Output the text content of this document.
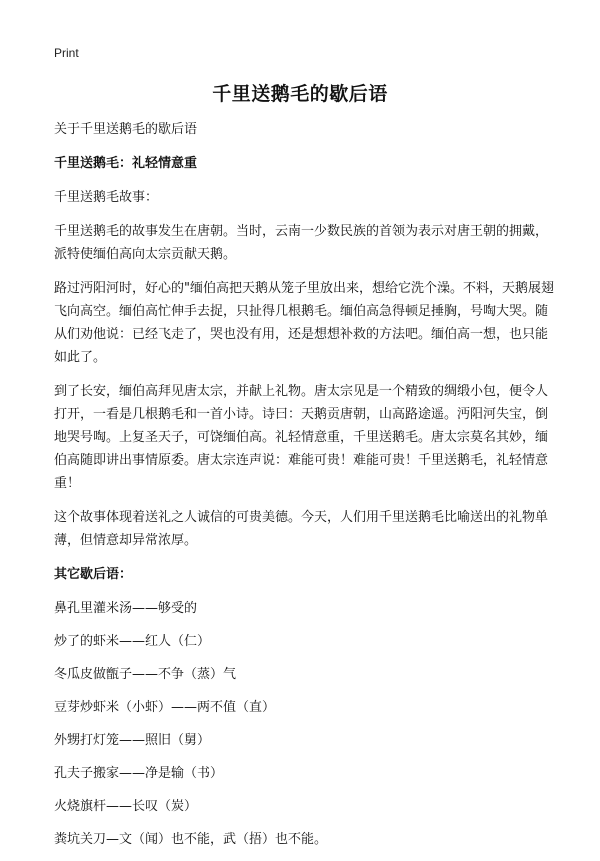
Print
千里送鹅毛的歇后语

关于千里送鹅毛的歇后语

千里送鹅毛：礼轻情意重

千里送鹅毛故事：

千里送鹅毛的故事发生在唐朝。当时，云南一少数民族的首领为表示对唐王朝的拥戴，派特使缅伯高向太宗贡献天鹅。

路过沔阳河时，好心的"缅伯高把天鹅从笼子里放出来，想给它洗个澡。不料，天鹅展翅飞向高空。缅伯高忙伸手去捉，只扯得几根鹅毛。缅伯高急得顿足捶胸，号啕大哭。随从们劝他说：已经飞走了，哭也没有用，还是想想补救的方法吧。缅伯高一想，也只能如此了。

到了长安，缅伯高拜见唐太宗，并献上礼物。唐太宗见是一个精致的绸缎小包，便令人打开，一看是几根鹅毛和一首小诗。诗曰：天鹅贡唐朝，山高路途遥。沔阳河失宝，倒地哭号啕。上复圣天子，可饶缅伯高。礼轻情意重，千里送鹅毛。唐太宗莫名其妙，缅伯高随即讲出事情原委。唐太宗连声说：难能可贵！难能可贵！千里送鹅毛，礼轻情意重！

这个故事体现着送礼之人诚信的可贵美德。今天，人们用千里送鹅毛比喻送出的礼物单薄，但情意却异常浓厚。

其它歇后语：

鼻孔里灌米汤——够受的

炒了的虾米——红人（仁）

冬瓜皮做甑子——不争（蒸）气

豆芽炒虾米（小虾）——两不值（直）

外甥打灯笼——照旧（舅）

孔夫子搬家——净是输（书）

火烧旗杆——长叹（炭）

粪坑关刀—文（闻）也不能，武（捂）也不能。
